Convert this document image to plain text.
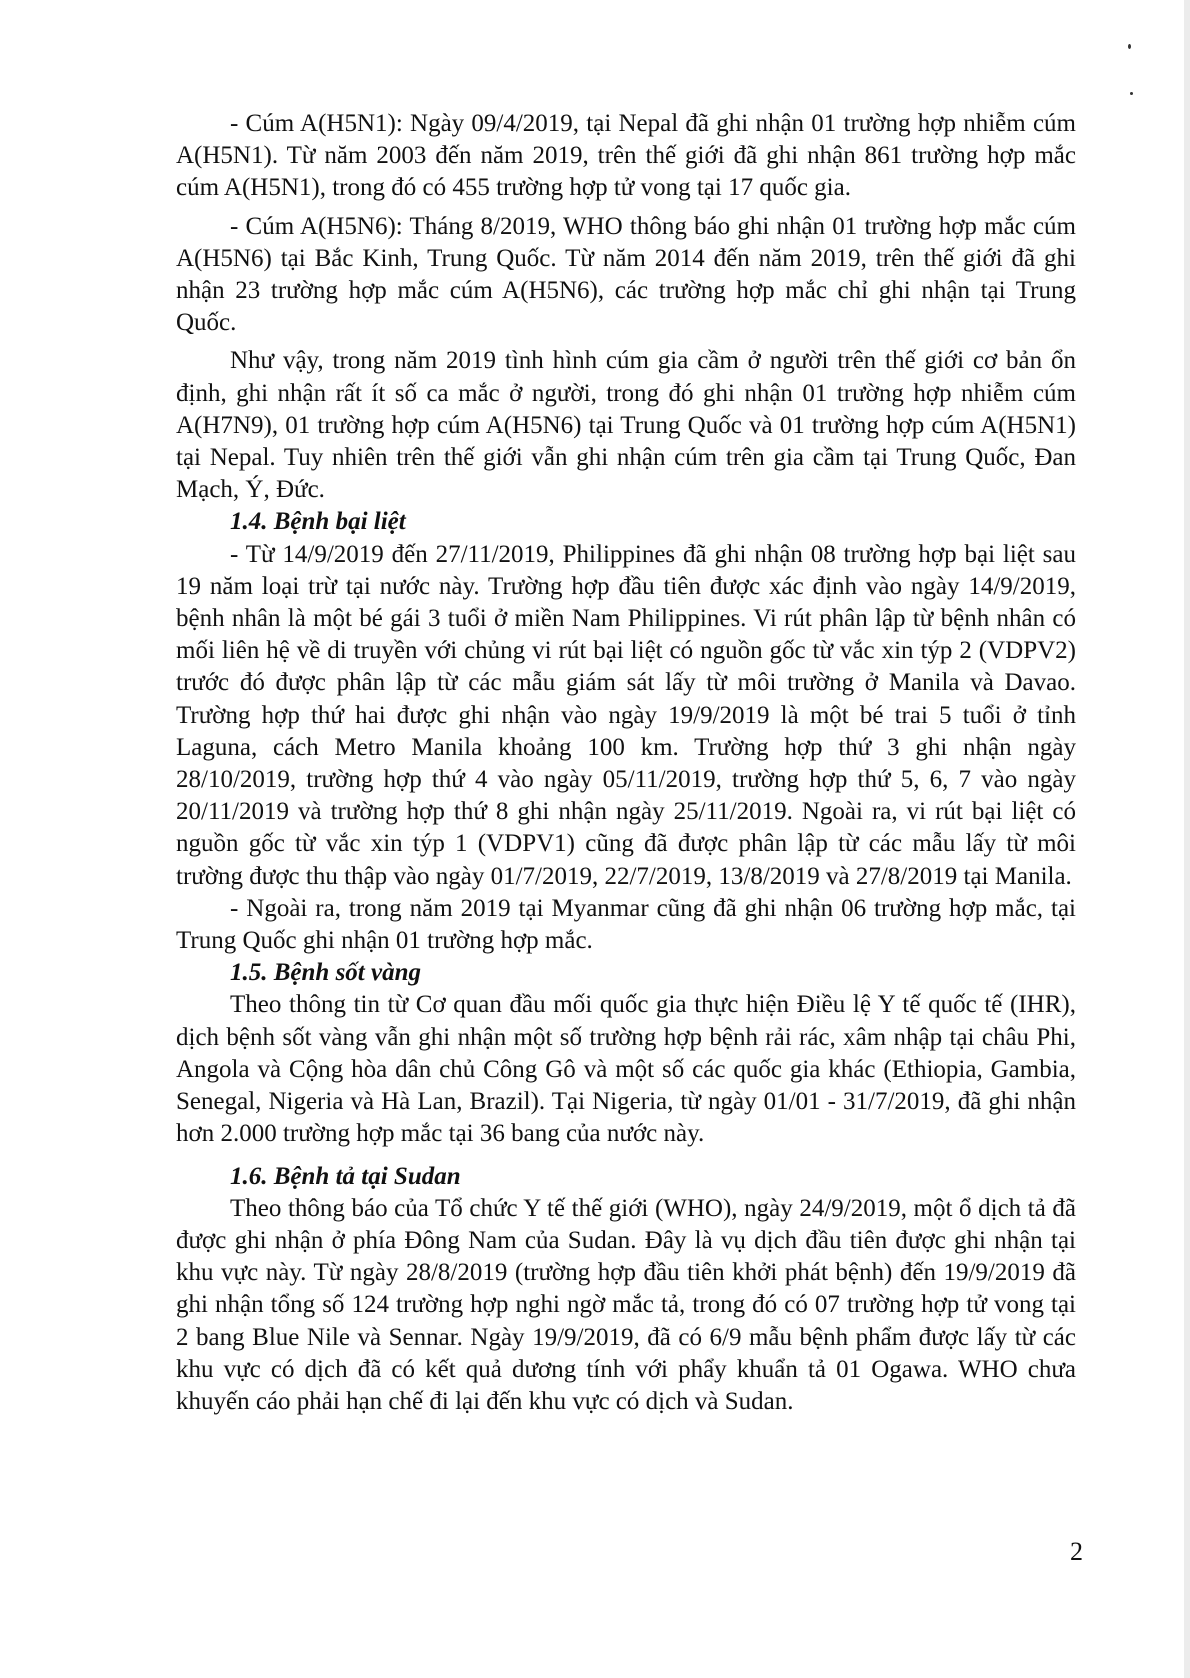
- Cúm A(H5N1): Ngày 09/4/2019, tại Nepal đã ghi nhận 01 trường hợp nhiễm cúm A(H5N1). Từ năm 2003 đến năm 2019, trên thế giới đã ghi nhận 861 trường hợp mắc cúm A(H5N1), trong đó có 455 trường hợp tử vong tại 17 quốc gia.

- Cúm A(H5N6): Tháng 8/2019, WHO thông báo ghi nhận 01 trường hợp mắc cúm A(H5N6) tại Bắc Kinh, Trung Quốc. Từ năm 2014 đến năm 2019, trên thế giới đã ghi nhận 23 trường hợp mắc cúm A(H5N6), các trường hợp mắc chỉ ghi nhận tại Trung Quốc.

Như vậy, trong năm 2019 tình hình cúm gia cầm ở người trên thế giới cơ bản ổn định, ghi nhận rất ít số ca mắc ở người, trong đó ghi nhận 01 trường hợp nhiễm cúm A(H7N9), 01 trường hợp cúm A(H5N6) tại Trung Quốc và 01 trường hợp cúm A(H5N1) tại Nepal. Tuy nhiên trên thế giới vẫn ghi nhận cúm trên gia cầm tại Trung Quốc, Đan Mạch, Ý, Đức.

1.4. Bệnh bại liệt

- Từ 14/9/2019 đến 27/11/2019, Philippines đã ghi nhận 08 trường hợp bại liệt sau 19 năm loại trừ tại nước này. Trường hợp đầu tiên được xác định vào ngày 14/9/2019, bệnh nhân là một bé gái 3 tuổi ở miền Nam Philippines. Vi rút phân lập từ bệnh nhân có mối liên hệ về di truyền với chủng vi rút bại liệt có nguồn gốc từ vắc xin týp 2 (VDPV2) trước đó được phân lập từ các mẫu giám sát lấy từ môi trường ở Manila và Davao. Trường hợp thứ hai được ghi nhận vào ngày 19/9/2019 là một bé trai 5 tuổi ở tỉnh Laguna, cách Metro Manila khoảng 100 km. Trường hợp thứ 3 ghi nhận ngày 28/10/2019, trường hợp thứ 4 vào ngày 05/11/2019, trường hợp thứ 5, 6, 7 vào ngày 20/11/2019 và trường hợp thứ 8 ghi nhận ngày 25/11/2019. Ngoài ra, vi rút bại liệt có nguồn gốc từ vắc xin týp 1 (VDPV1) cũng đã được phân lập từ các mẫu lấy từ môi trường được thu thập vào ngày 01/7/2019, 22/7/2019, 13/8/2019 và 27/8/2019 tại Manila.

- Ngoài ra, trong năm 2019 tại Myanmar cũng đã ghi nhận 06 trường hợp mắc, tại Trung Quốc ghi nhận 01 trường hợp mắc.

1.5. Bệnh sốt vàng

Theo thông tin từ Cơ quan đầu mối quốc gia thực hiện Điều lệ Y tế quốc tế (IHR), dịch bệnh sốt vàng vẫn ghi nhận một số trường hợp bệnh rải rác, xâm nhập tại châu Phi, Angola và Cộng hòa dân chủ Công Gô và một số các quốc gia khác (Ethiopia, Gambia, Senegal, Nigeria và Hà Lan, Brazil). Tại Nigeria, từ ngày 01/01 - 31/7/2019, đã ghi nhận hơn 2.000 trường hợp mắc tại 36 bang của nước này.

1.6. Bệnh tả tại Sudan

Theo thông báo của Tổ chức Y tế thế giới (WHO), ngày 24/9/2019, một ổ dịch tả đã được ghi nhận ở phía Đông Nam của Sudan. Đây là vụ dịch đầu tiên được ghi nhận tại khu vực này. Từ ngày 28/8/2019 (trường hợp đầu tiên khởi phát bệnh) đến 19/9/2019 đã ghi nhận tổng số 124 trường hợp nghi ngờ mắc tả, trong đó có 07 trường hợp tử vong tại 2 bang Blue Nile và Sennar. Ngày 19/9/2019, đã có 6/9 mẫu bệnh phẩm được lấy từ các khu vực có dịch đã có kết quả dương tính với phẩy khuẩn tả 01 Ogawa. WHO chưa khuyến cáo phải hạn chế đi lại đến khu vực có dịch và Sudan.

2
